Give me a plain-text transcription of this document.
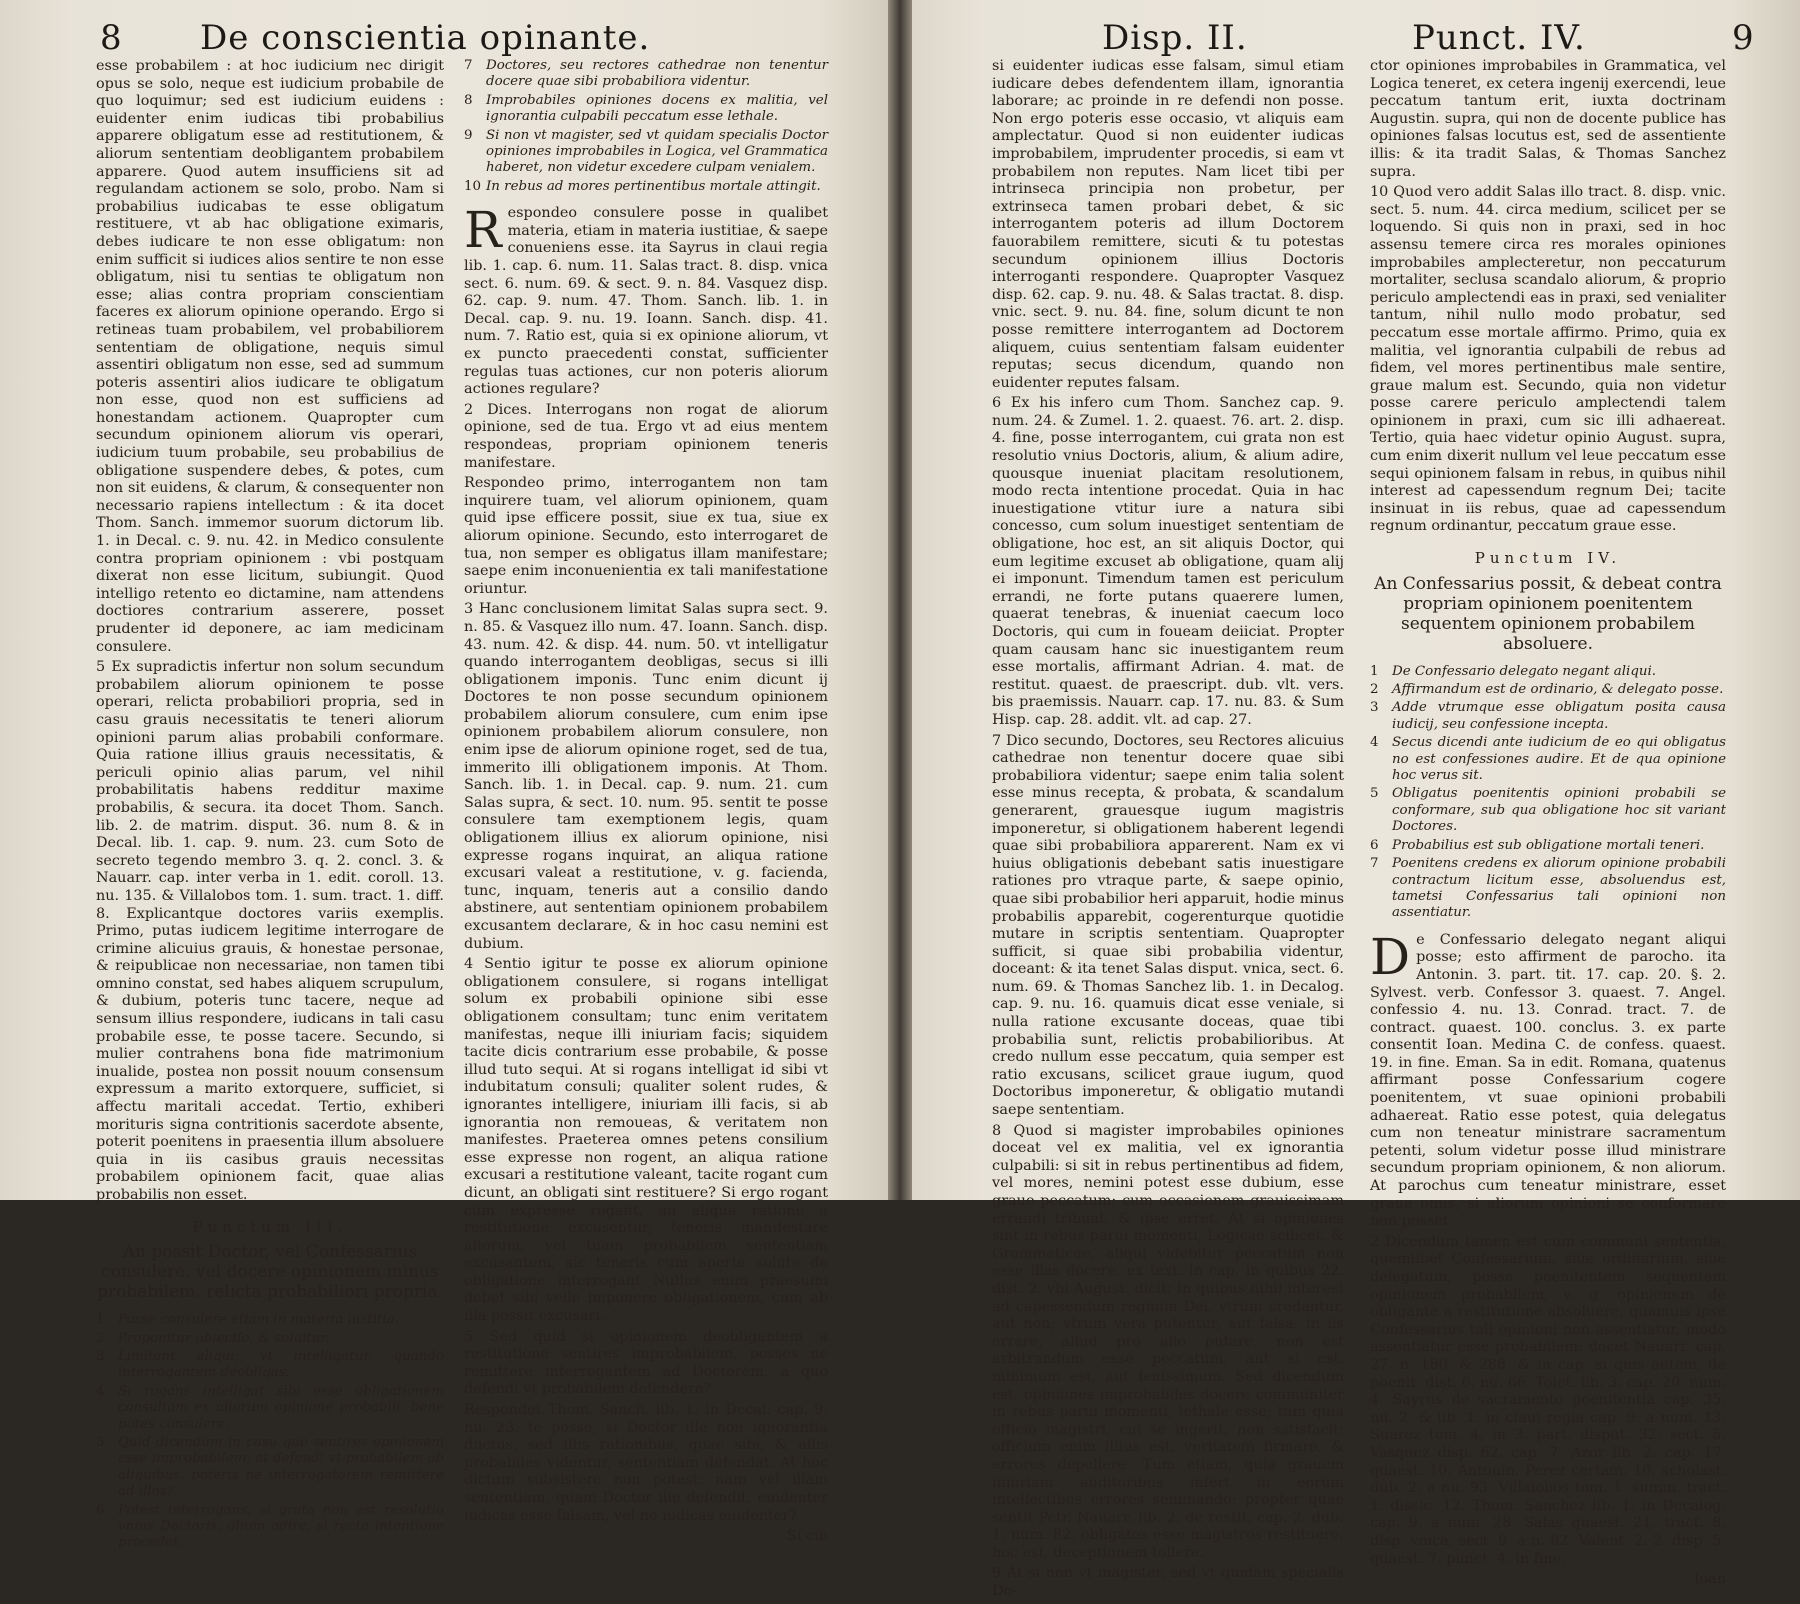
8 De conscientia opinante.

esse probabilem : at hoc iudicium nec dirigit opus se solo, neque est iudicium probabile de quo loquimur; sed est iudicium euidens : euidenter enim iudicas tibi probabilius apparere obligatum esse ad restitutionem, & aliorum sententiam deobligantem probabilem apparere. Quod autem insufficiens sit ad regulandam actionem se solo, probo. Nam si probabilius iudicabas te esse obligatum restituere, vt ab hac obligatione eximaris, debes iudicare te non esse obligatum: non enim sufficit si iudices alios sentire te non esse obligatum, nisi tu sentias te obligatum non esse; alias contra propriam conscientiam faceres ex aliorum opinione operando. Ergo si retineas tuam probabilem, vel probabiliorem sententiam de obligatione, nequis simul assentiri obligatum non esse, sed ad summum poteris assentiri alios iudicare te obligatum non esse, quod non est sufficiens ad honestandam actionem. Quapropter cum secundum opinionem aliorum vis operari, iudicium tuum probabile, seu probabilius de obligatione suspendere debes, & potes, cum non sit euidens, & clarum, & consequenter non necessario rapiens intellectum : & ita docet Thom. Sanch. immemor suorum dictorum lib. 1. in Decal. c. 9. nu. 42. in Medico consulente contra propriam opinionem : vbi postquam dixerat non esse licitum, subiungit. Quod intelligo retento eo dictamine, nam attendens doctiores contrarium asserere, posset prudenter id deponere, ac iam medicinam consulere.

5 Ex supradictis infertur non solum secundum probabilem aliorum opinionem te posse operari, relicta probabiliori propria, sed in casu grauis necessitatis te teneri aliorum opinioni parum alias probabili conformare. Quia ratione illius grauis necessitatis, & periculi opinio alias parum, vel nihil probabilitatis habens redditur maxime probabilis, & secura. ita docet Thom. Sanch. lib. 2. de matrim. disput. 36. num 8. & in Decal. lib. 1. cap. 9. num. 23. cum Soto de secreto tegendo membro 3. q. 2. concl. 3. & Nauarr. cap. inter verba in 1. edit. coroll. 13. nu. 135. & Villalobos tom. 1. sum. tract. 1. diff. 8. Explicantque doctores variis exemplis. Primo, putas iudicem legitime interrogare de crimine alicuius grauis, & honestae personae, & reipublicae non necessariae, non tamen tibi omnino constat, sed habes aliquem scrupulum, & dubium, poteris tunc tacere, neque ad sensum illius respondere, iudicans in tali casu probabile esse, te posse tacere. Secundo, si mulier contrahens bona fide matrimonium inualide, postea non possit nouum consensum expressum a marito extorquere, sufficiet, si affectu maritali accedat. Tertio, exhiberi morituris signa contritionis sacerdote absente, poterit poenitens in praesentia illum absoluere quia in iis casibus grauis necessitas probabilem opinionem facit, quae alias probabilis non esset.

Punctum III.
An possit Doctor, vel Confessarius consulere, vel docere opinionem minus probabilem, relicta probabiliori propria.
1	Posse consulere etiam in materia iustitia.
2	Proponitur obiectio, & soluitur.
3	Limitant aliqui, vt intelligatur, quando interrogantem deobligas.
4	Si rogans intelligat sibi esse obligationem consultam ex aliorum opinione probabili, bene potes consulere.
5	Quid dicendum in casu quo sentires opinionem esse improbabilem; at defendi vt probabilem ab aliquibus, poteris ne interrogatorem remittere ad illos?
6	Potest interrogans, si grata non est resolutio vnius Doctoris, alium adire, si recta intentione procedat.
7	Doctores, seu rectores cathedrae non tenentur docere quae sibi probabiliora videntur.
8	Improbabiles opiniones docens ex malitia, vel ignorantia culpabili peccatum esse lethale.
9	Si non vt magister, sed vt quidam specialis Doctor opiniones improbabiles in Logica, vel Grammatica haberet, non videtur excedere culpam venialem.
10 In rebus ad mores pertinentibus mortale attingit.

Respondeo consulere posse in qualibet materia, etiam in materia iustitiae, & saepe conueniens esse. ita Sayrus in claui regia lib. 1. cap. 6. num. 11. Salas tract. 8. disp. vnica sect. 6. num. 69. & sect. 9. n. 84. Vasquez disp. 62. cap. 9. num. 47. Thom. Sanch. lib. 1. in Decal. cap. 9. nu. 19. Ioann. Sanch. disp. 41. num. 7. Ratio est, quia si ex opinione aliorum, vt ex puncto praecedenti constat, sufficienter regulas tuas actiones, cur non poteris aliorum actiones regulare?

2 Dices. Interrogans non rogat de aliorum opinione, sed de tua. Ergo vt ad eius mentem respondeas, propriam opinionem teneris manifestare.

Respondeo primo, interrogantem non tam inquirere tuam, vel aliorum opinionem, quam quid ipse efficere possit, siue ex tua, siue ex aliorum opinione. Secundo, esto interrogaret de tua, non semper es obligatus illam manifestare; saepe enim inconuenientia ex tali manifestatione oriuntur.

3 Hanc conclusionem limitat Salas supra sect. 9. n. 85. & Vasquez illo num. 47. Ioann. Sanch. disp. 43. num. 42. & disp. 44. num. 50. vt intelligatur quando interrogantem deobligas, secus si illi obligationem imponis. Tunc enim dicunt ij Doctores te non posse secundum opinionem probabilem aliorum consulere, cum enim ipse opinionem probabilem aliorum consulere, non enim ipse de aliorum opinione roget, sed de tua, immerito illi obligationem imponis. At Thom. Sanch. lib. 1. in Decal. cap. 9. num. 21. cum Salas supra, & sect. 10. num. 95. sentit te posse consulere tam exemptionem legis, quam obligationem illius ex aliorum opinione, nisi expresse rogans inquirat, an aliqua ratione excusari valeat a restitutione, v. g. facienda, tunc, inquam, teneris aut a consilio dando abstinere, aut sententiam opinionem probabilem excusantem declarare, & in hoc casu nemini est dubium.

4 Sentio igitur te posse ex aliorum opinione obligationem consulere, si rogans intelligat solum ex probabili opinione sibi esse obligationem consultam; tunc enim veritatem manifestas, neque illi iniuriam facis; siquidem tacite dicis contrarium esse probabile, & posse illud tuto sequi. At si rogans intelligat id sibi vt indubitatum consuli; qualiter solent rudes, & ignorantes intelligere, iniuriam illi facis, si ab ignorantia non remoueas, & veritatem non manifestes. Praeterea omnes petens consilium esse expresse non rogent, an aliqua ratione excusari a restitutione valeant, tacite rogant cum dicunt, an obligati sint restituere? Si ergo rogant cum expresse rogant, an aliqua ratione a restitutione excusentur, teneris manifestare aliorum, vel tuam probabilem sententiam excusantem, sic teneris cum aperte solute de obligatione interrogant Nullus enim praesumi debet sibi velle imponere obligationem, cum ab illa possit excusari.

5 Sed quid si opinionem deobligantem a restitutione sentires improbabilem, posses ne remittere interrogantem ad Doctorem, a quo defendi vt probabilem defendere?

Respondet Thom. Sanch. lib. 1. in Decal. cap. 9. nu. 23. te posse, si Doctor ille non ignorantia ductus, sed illis rationibus, quae sibi, & aliis probabiles videntur, sententiam defendat. At hoc dictum subsistere non potest: nam vel illam sententiam, quam Doctor ille defendit, euidenter iudicas esse falsam, vel no iudicas euidenter?

Si cui
Disp. II.	Punct. IV.	9

si euidenter iudicas esse falsam, simul etiam iudicare debes defendentem illam, ignorantia laborare; ac proinde in re defendi non posse. Non ergo poteris esse occasio, vt aliquis eam amplectatur. Quod si non euidenter iudicas improbabilem, imprudenter procedis, si eam vt probabilem non reputes. Nam licet tibi per intrinseca principia non probetur, per extrinseca tamen probari debet, & sic interrogantem poteris ad illum Doctorem fauorabilem remittere, sicuti & tu potestas secundum opinionem illius Doctoris interroganti respondere. Quapropter Vasquez disp. 62. cap. 9. nu. 48. & Salas tractat. 8. disp. vnic. sect. 9. nu. 84. fine, solum dicunt te non posse remittere interrogantem ad Doctorem aliquem, cuius sententiam falsam euidenter reputas; secus dicendum, quando non euidenter reputes falsam.

6 Ex his infero cum Thom. Sanchez cap. 9. num. 24. & Zumel. 1. 2. quaest. 76. art. 2. disp. 4. fine, posse interrogantem, cui grata non est resolutio vnius Doctoris, alium, & alium adire, quousque inueniat placitam resolutionem, modo recta intentione procedat. Quia in hac inuestigatione vtitur iure a natura sibi concesso, cum solum inuestiget sententiam de obligatione, hoc est, an sit aliquis Doctor, qui eum legitime excuset ab obligatione, quam alij ei imponunt. Timendum tamen est periculum errandi, ne forte putans quaerere lumen, quaerat tenebras, & inueniat caecum loco Doctoris, qui cum in foueam deiiciat. Propter quam causam hanc sic inuestigantem reum esse mortalis, affirmant Adrian. 4. mat. de restitut. quaest. de praescript. dub. vlt. vers. bis praemissis. Nauarr. cap. 17. nu. 83. & Sum Hisp. cap. 28. addit. vlt. ad cap. 27.

7 Dico secundo, Doctores, seu Rectores alicuius cathedrae non tenentur docere quae sibi probabiliora videntur; saepe enim talia solent esse minus recepta, & probata, & scandalum generarent, grauesque iugum magistris imponeretur, si obligationem haberent legendi quae sibi probabiliora apparerent. Nam ex vi huius obligationis debebant satis inuestigare rationes pro vtraque parte, & saepe opinio, quae sibi probabilior heri apparuit, hodie minus probabilis apparebit, cogerenturque quotidie mutare in scriptis sententiam. Quapropter sufficit, si quae sibi probabilia videntur, doceant: & ita tenet Salas disput. vnica, sect. 6. num. 69. & Thomas Sanchez lib. 1. in Decalog. cap. 9. nu. 16. quamuis dicat esse veniale, si nulla ratione excusante doceas, quae tibi probabilia sunt, relictis probabilioribus. At credo nullum esse peccatum, quia semper est ratio excusans, scilicet graue iugum, quod Doctoribus imponeretur, & obligatio mutandi saepe sententiam.

8 Quod si magister improbabiles opiniones doceat vel ex malitia, vel ex ignorantia culpabili: si sit in rebus pertinentibus ad fidem, vel mores, nemini potest esse dubium, esse graue peccatum; cum occasionem grauissimam errandi tribuat, & ipse erret. At si opiniones sint in rebus parui momenti, Logicae scilicet, & Grammaticae, aliqui videbitur peccatum non esse illas docere, ex text. in cap. in quibus 22. dist. 2. vbi August. dicit: In quibus nihil interest ad capessendum regnum Dei, vtrum credantur, aut non; vtrum vera putentur, aut falsa, in iis errare, aliud pro alio putare, non est arbitrandum esse peccatum; aut si est, minimum est, aut leuissimum. Sed dicendum est, opiniones improbabiles docere communiter in rebus parui momenti, lethale esse, tum quia officio magistri, cui se ingerit, non satisfacit; officium enim illius est, veritatem firmare, & errores depellere. Tum etiam, quia grauem iniuriam auditoribus infert in eorum intellectibus errores seminando: propter quae sentit Petr. Nauarr. lib. 2. de restit. cap. 2. dub. 1. num. 82. obligatos esse magistros restituere, hoc est, deceptionem tollere.

9 At si non vt magister, sed vt quidam specialis Do-

ctor opiniones improbabiles in Grammatica, vel Logica teneret, ex cetera ingenij exercendi, leue peccatum tantum erit, iuxta doctrinam Augustin. supra, qui non de docente publice has opiniones falsas locutus est, sed de assentiente illis: & ita tradit Salas, & Thomas Sanchez supra.

10 Quod vero addit Salas illo tract. 8. disp. vnic. sect. 5. num. 44. circa medium, scilicet per se loquendo. Si quis non in praxi, sed in hoc assensu temere circa res morales opiniones improbabiles amplecteretur, non peccaturum mortaliter, seclusa scandalo aliorum, & proprio periculo amplectendi eas in praxi, sed venialiter tantum, nihil nullo modo probatur, sed peccatum esse mortale affirmo. Primo, quia ex malitia, vel ignorantia culpabili de rebus ad fidem, vel mores pertinentibus male sentire, graue malum est. Secundo, quia non videtur posse carere periculo amplectendi talem opinionem in praxi, cum sic illi adhaereat. Tertio, quia haec videtur opinio August. supra, cum enim dixerit nullum vel leue peccatum esse sequi opinionem falsam in rebus, in quibus nihil interest ad capessendum regnum Dei; tacite insinuat in iis rebus, quae ad capessendum regnum ordinantur, peccatum graue esse.

Punctum IV.
An Confessarius possit, & debeat contra propriam opinionem poenitentem sequentem opinionem probabilem absoluere.
1	De Confessario delegato negant aliqui.
2	Affirmandum est de ordinario, & delegato posse.
3	Adde vtrumque esse obligatum posita causa iudicij, seu confessione incepta.
4	Secus dicendi ante iudicium de eo qui obligatus no est confessiones audire. Et de qua opinione hoc verus sit.
5	Obligatus poenitentis opinioni probabili se conformare, sub qua obligatione hoc sit variant Doctores.
6	Probabilius est sub obligatione mortali teneri.
7	Poenitens credens ex aliorum opinione probabili contractum licitum esse, absoluendus est, tametsi Confessarius tali opinioni non assentiatur.

De Confessario delegato negant aliqui posse; esto affirment de parocho. ita Antonin. 3. part. tit. 17. cap. 20. §. 2. Sylvest. verb. Confessor 3. quaest. 7. Angel. confessio 4. nu. 13. Conrad. tract. 7. de contract. quaest. 100. conclus. 3. ex parte consentit Ioan. Medina C. de confess. quaest. 19. in fine. Eman. Sa in edit. Romana, quatenus affirmant posse Confessarium cogere poenitentem, vt suae opinioni probabili adhaereat. Ratio esse potest, quia delegatus cum non teneatur ministrare sacramentum petenti, solum videtur posse illud ministrare secundum propriam opinionem, & non aliorum. At parochus cum teneatur ministrare, esset graue onus, si aliorum opinioni se conformare non posset.

2 Dicendum tamen est cum communi sententia, quemlibet Confessarium, siue ordinarium, siue delegatum, posse poenitentem sequentem opinionem probabilem, v. g. opinionem de obligante a restitutione absoluere, quamuis ipse Confessarius tali opinioni non assentiatur, modo assentiatur esse probabilem: docet Nauarr. cap. 27. n. 180. & 288. & in cap. si quis autem, de poenit. dist. 6. nu. 66. Tolet. lib. 3. cap. 20. num. 4. Sayrus de sacramento poenitentia cap. 35. nu. 2. & lib. 1. in claui regia cap. 9. a num. 13. Suarez tom. 4. in 3. part. disput. 32. sect. 5. Vasquez disp. 62. cap. 7. Azor lib. 2. cap. 17. quaest. 10. Antonin. Perez certam. 10. scholast. dub. 2. a nu. 93. Villalobos tom. 1. summ. tract. 1. dissic. 12. Thom. Sanchez lib. 1. in Decalog. cap. 9. a num. 28. Salas quaest. 21. tract. 8. disp. vnica, sect. 9. a n. 82. Valent. 2. 2. disp. 5. quaest. 7. punct. 4. in fine.

Ioan
